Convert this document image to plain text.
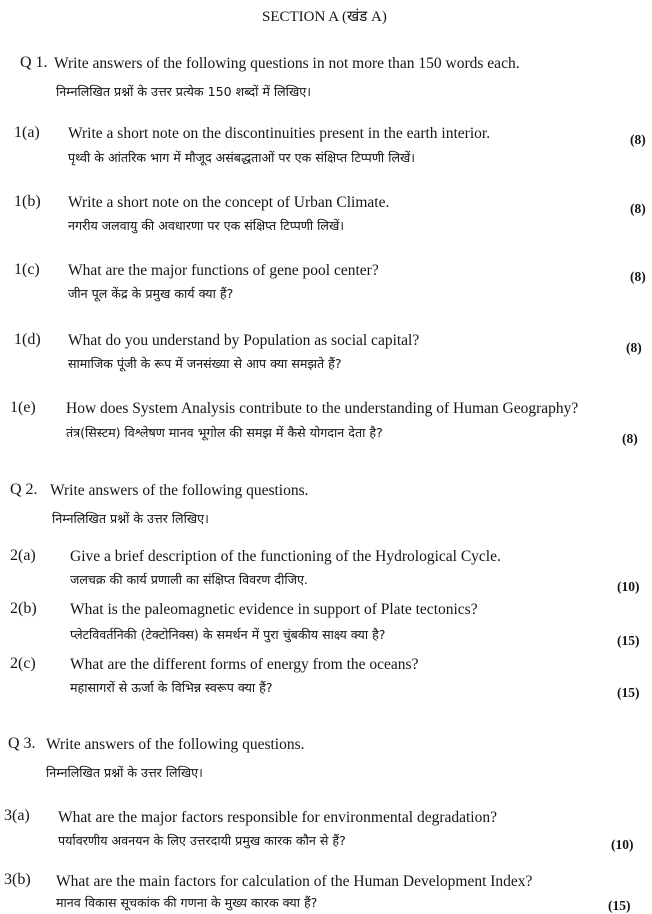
SECTION A (खंड A)
Q 1. Write answers of the following questions in not more than 150 words each.
निम्नलिखित प्रश्नों के उत्तर प्रत्येक 150 शब्दों में लिखिए।
1(a) Write a short note on the discontinuities present in the earth interior.
पृथ्वी के आंतरिक भाग में मौजूद असंबद्धताओं पर एक संक्षिप्त टिप्पणी लिखें।
(8)
1(b) Write a short note on the concept of Urban Climate.
नगरीय जलवायु की अवधारणा पर एक संक्षिप्त टिप्पणी लिखें।
(8)
1(c) What are the major functions of gene pool center?
जीन पूल केंद्र के प्रमुख कार्य क्या हैं?
(8)
1(d) What do you understand by Population as social capital?
सामाजिक पूंजी के रूप में जनसंख्या से आप क्या समझते हैं?
(8)
1(e) How does System Analysis contribute to the understanding of Human Geography?
तंत्र(सिस्टम) विश्लेषण मानव भूगोल की समझ में कैसे योगदान देता है?	(8)
Q 2. Write answers of the following questions.
निम्नलिखित प्रश्नों के उत्तर लिखिए।
2(a) Give a brief description of the functioning of the Hydrological Cycle.
जलचक्र की कार्य प्रणाली का संक्षिप्त विवरण दीजिए.	(10)
2(b) What is the paleomagnetic evidence in support of Plate tectonics?
प्लेटविवर्तनिकी (टेक्टोनिक्स) के समर्थन में पुरा चुंबकीय साक्ष्य क्या है?	(15)
2(c) What are the different forms of energy from the oceans?
महासागरों से ऊर्जा के विभिन्न स्वरूप क्या हैं?	(15)
Q 3. Write answers of the following questions.
निम्नलिखित प्रश्नों के उत्तर लिखिए।
3(a) What are the major factors responsible for environmental degradation?
पर्यावरणीय अवनयन के लिए उत्तरदायी प्रमुख कारक कौन से हैं?	(10)
3(b) What are the main factors for calculation of the Human Development Index?
मानव विकास सूचकांक की गणना के मुख्य कारक क्या हैं?	(15)
